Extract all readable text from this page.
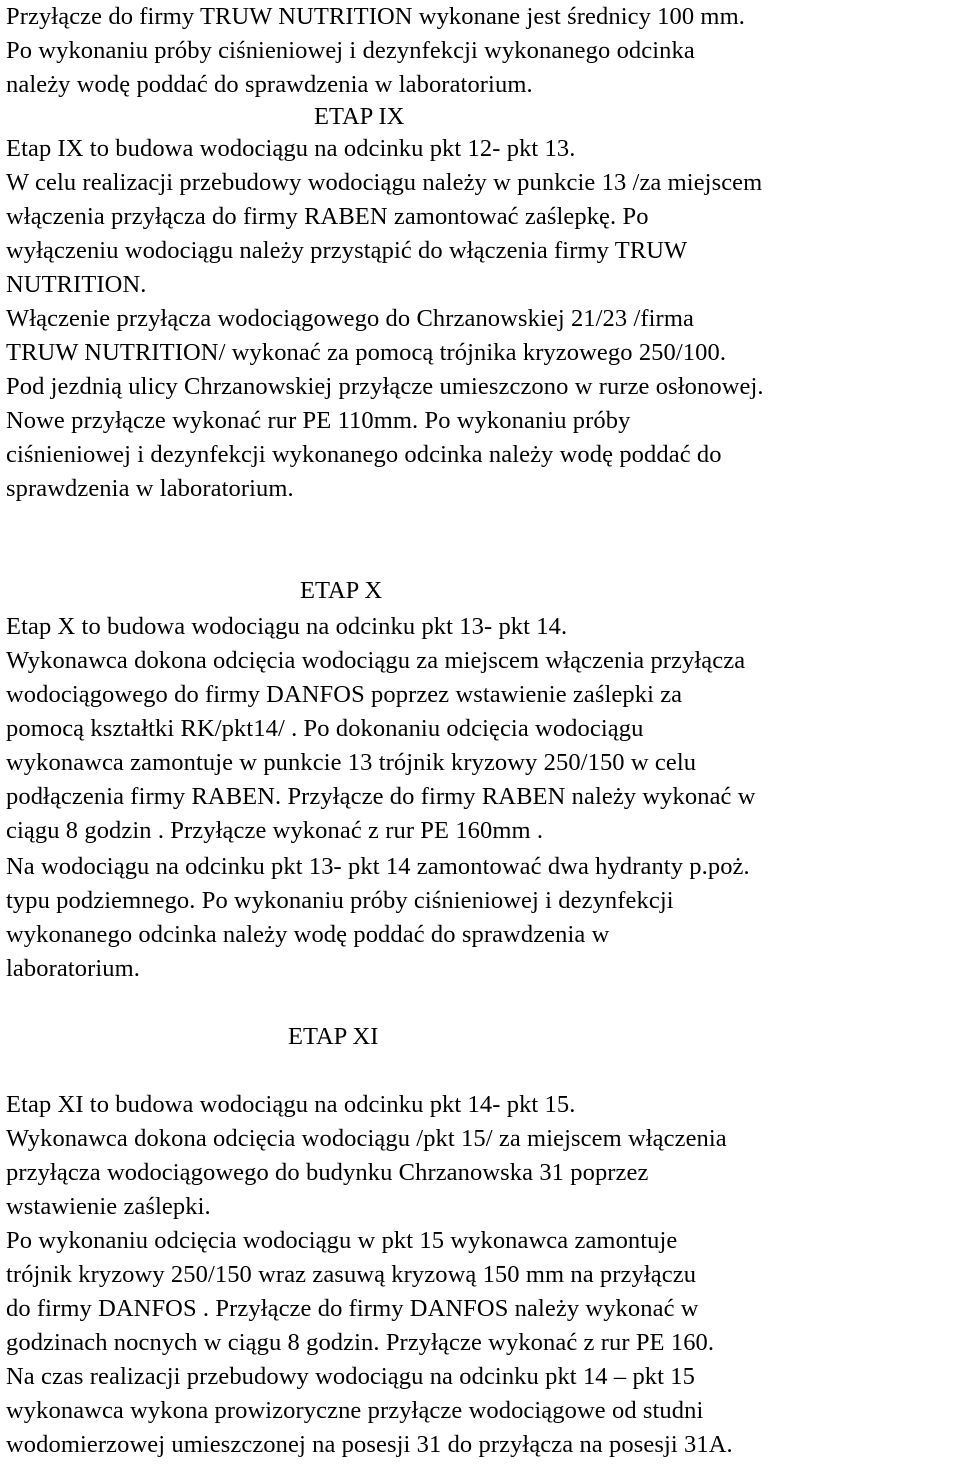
Przyłącze do firmy TRUW NUTRITION wykonane jest średnicy 100 mm.
Po wykonaniu próby ciśnieniowej i dezynfekcji wykonanego odcinka
należy wodę poddać do sprawdzenia w laboratorium.
ETAP IX
Etap IX to budowa wodociągu na odcinku pkt 12- pkt 13.
W celu realizacji przebudowy wodociągu należy w punkcie 13 /za miejscem
włączenia przyłącza do firmy RABEN zamontować zaślepkę. Po
wyłączeniu wodociągu należy przystąpić do włączenia firmy TRUW
NUTRITION.
Włączenie przyłącza wodociągowego do Chrzanowskiej 21/23 /firma
TRUW NUTRITION/ wykonać za pomocą trójnika kryzowego 250/100.
Pod jezdnią ulicy Chrzanowskiej przyłącze umieszczono w rurze osłonowej.
Nowe przyłącze wykonać rur PE 110mm. Po wykonaniu próby
ciśnieniowej i dezynfekcji wykonanego odcinka należy wodę poddać do
sprawdzenia w laboratorium.
ETAP X
Etap X to budowa wodociągu na odcinku pkt 13- pkt 14.
Wykonawca dokona odcięcia wodociągu za miejscem włączenia przyłącza
wodociągowego do firmy DANFOS poprzez wstawienie zaślepki za
pomocą kształtki RK/pkt14/ . Po dokonaniu odcięcia wodociągu
wykonawca zamontuje w punkcie 13 trójnik kryzowy 250/150 w celu
podłączenia firmy RABEN. Przyłącze do firmy RABEN należy wykonać w
ciągu 8 godzin . Przyłącze wykonać z rur PE 160mm .
Na wodociągu na odcinku pkt 13- pkt 14 zamontować dwa hydranty p.poż.
typu podziemnego. Po wykonaniu próby ciśnieniowej i dezynfekcji
wykonanego odcinka należy wodę poddać do sprawdzenia w
laboratorium.
ETAP XI
Etap XI to budowa wodociągu na odcinku pkt 14- pkt 15.
Wykonawca dokona odcięcia wodociągu /pkt 15/ za miejscem włączenia
przyłącza wodociągowego do budynku Chrzanowska 31 poprzez
wstawienie zaślepki.
Po wykonaniu odcięcia wodociągu w pkt 15 wykonawca zamontuje
trójnik kryzowy 250/150 wraz zasuwą kryzową 150 mm na przyłączu
do firmy DANFOS . Przyłącze do firmy DANFOS należy wykonać w
godzinach nocnych w ciągu 8 godzin. Przyłącze wykonać z rur PE 160.
Na czas realizacji przebudowy wodociągu na odcinku pkt 14 – pkt 15
wykonawca wykona prowizoryczne przyłącze wodociągowe od studni
wodomierzowej umieszczonej na posesji 31 do przyłącza na posesji 31A.
